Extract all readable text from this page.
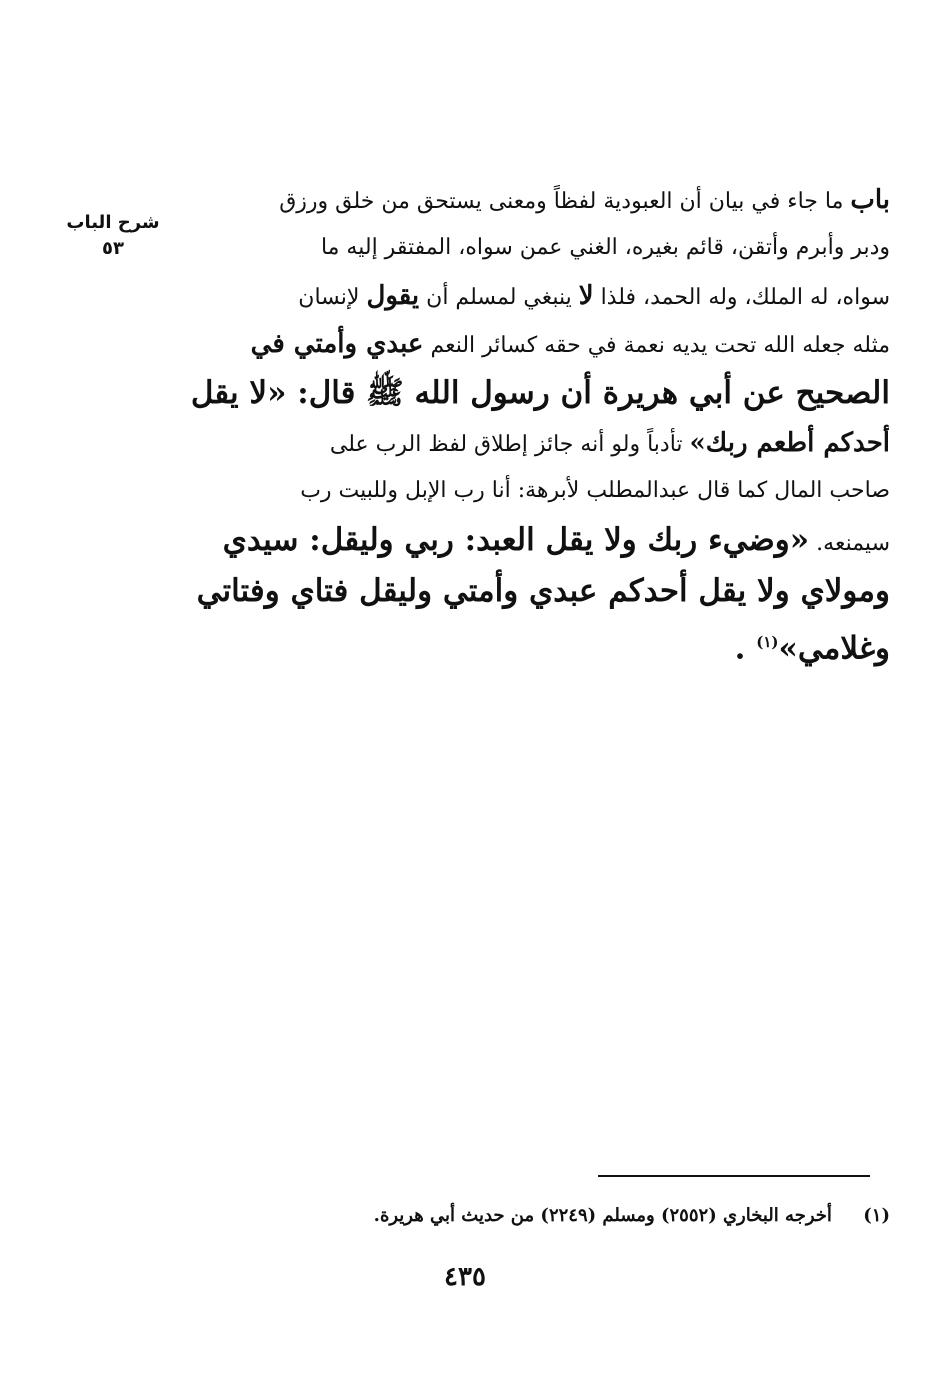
شرح الباب
٥٣
باب ما جاء في بيان أن العبودية لفظاً ومعنى يستحق من خلق ورزق
ودبر وأبرم وأتقن، قائم بغيره، الغني عمن سواه، المفتقر إليه ما
سواه، له الملك، وله الحمد، فلذا لا ينبغي لمسلم أن يقول لإنسان
مثله جعله الله تحت يديه نعمة في حقه كسائر النعم عبدي وأمتي في
الصحيح عن أبي هريرة أن رسول الله ﷺ قال: «لا يقل
أحدكم أطعم ربك» تأدباً ولو أنه جائز إطلاق لفظ الرب على
صاحب المال كما قال عبدالمطلب لأبرهة: أنا رب الإبل وللبيت رب
سيمنعه. «وضيء ربك ولا يقل العبد: ربي وليقل: سيدي
ومولاي ولا يقل أحدكم عبدي وأمتي وليقل فتاي وفتاتي
وغلامي»$^{(١)}$ .
(١)     أخرجه البخاري (٢٥٥٢) ومسلم (٢٢٤٩) من حديث أبي هريرة.
٤٣٥
